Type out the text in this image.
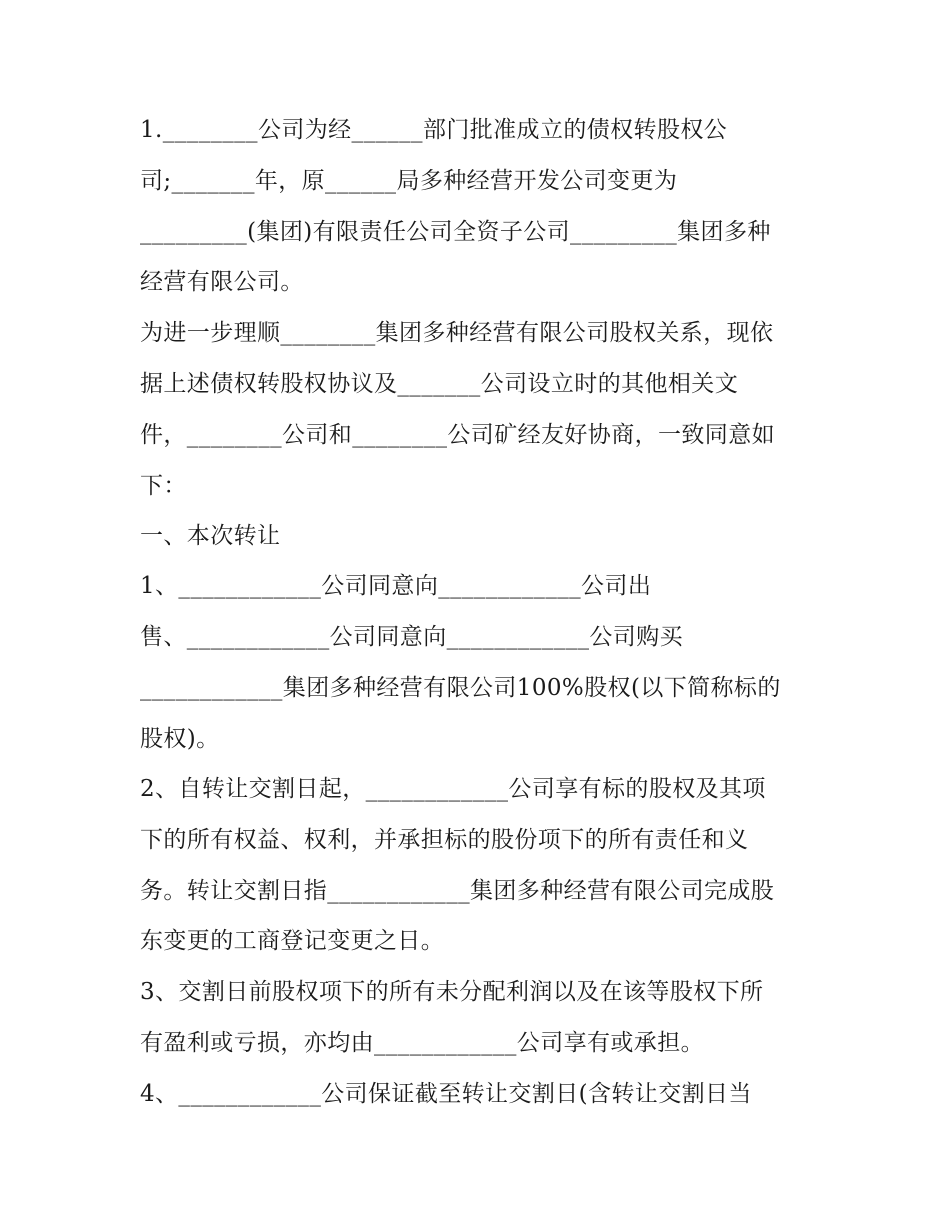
1.________公司为经______部门批准成立的债权转股权公
司;_______年，原______局多种经营开发公司变更为
_________(集团)有限责任公司全资子公司_________集团多种
经营有限公司。
为进一步理顺________集团多种经营有限公司股权关系，现依
据上述债权转股权协议及_______公司设立时的其他相关文
件，________公司和________公司矿经友好协商，一致同意如
下：
一、本次转让
1、____________公司同意向____________公司出
售、____________公司同意向____________公司购买
____________集团多种经营有限公司100%股权(以下简称标的
股权)。
2、自转让交割日起，____________公司享有标的股权及其项
下的所有权益、权利，并承担标的股份项下的所有责任和义
务。转让交割日指____________集团多种经营有限公司完成股
东变更的工商登记变更之日。
3、交割日前股权项下的所有未分配利润以及在该等股权下所
有盈利或亏损，亦均由____________公司享有或承担。
4、____________公司保证截至转让交割日(含转让交割日当
